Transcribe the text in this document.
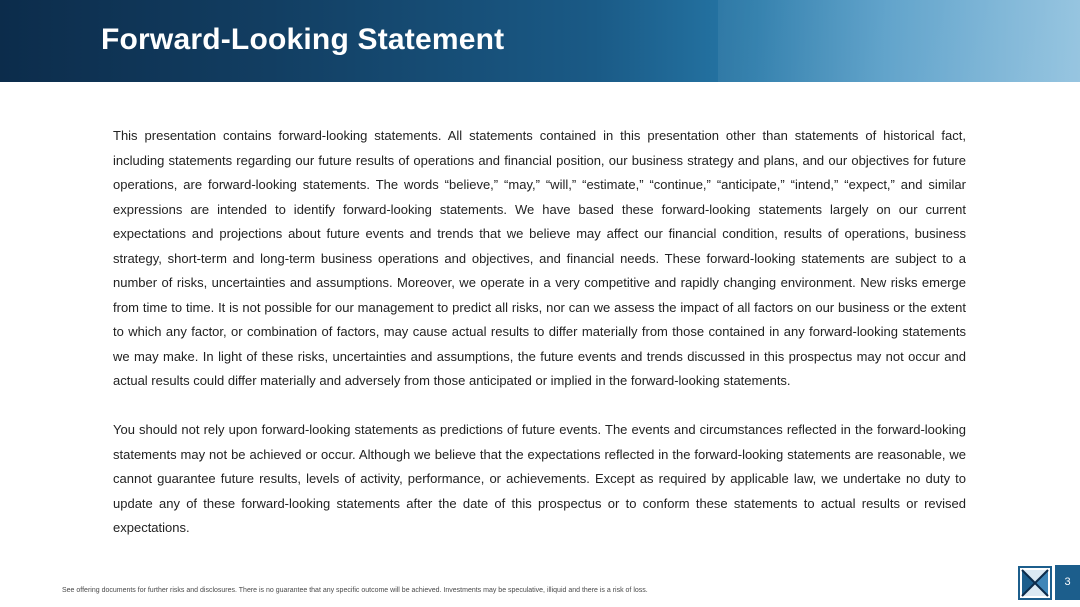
Forward-Looking Statement

This presentation contains forward-looking statements. All statements contained in this presentation other than statements of historical fact, including statements regarding our future results of operations and financial position, our business strategy and plans, and our objectives for future operations, are forward-looking statements. The words “believe,” “may,” “will,” “estimate,” “continue,” “anticipate,” “intend,” “expect,” and similar expressions are intended to identify forward-looking statements. We have based these forward-looking statements largely on our current expectations and projections about future events and trends that we believe may affect our financial condition, results of operations, business strategy, short-term and long-term business operations and objectives, and financial needs. These forward-looking statements are subject to a number of risks, uncertainties and assumptions. Moreover, we operate in a very competitive and rapidly changing environment. New risks emerge from time to time. It is not possible for our management to predict all risks, nor can we assess the impact of all factors on our business or the extent to which any factor, or combination of factors, may cause actual results to differ materially from those contained in any forward-looking statements we may make. In light of these risks, uncertainties and assumptions, the future events and trends discussed in this prospectus may not occur and actual results could differ materially and adversely from those anticipated or implied in the forward-looking statements.

You should not rely upon forward-looking statements as predictions of future events. The events and circumstances reflected in the forward-looking statements may not be achieved or occur. Although we believe that the expectations reflected in the forward-looking statements are reasonable, we cannot guarantee future results, levels of activity, performance, or achievements. Except as required by applicable law, we undertake no duty to update any of these forward-looking statements after the date of this prospectus or to conform these statements to actual results or revised expectations.

See offering documents for further risks and disclosures. There is no guarantee that any specific outcome will be achieved. Investments may be speculative, illiquid and there is a risk of loss.
3
